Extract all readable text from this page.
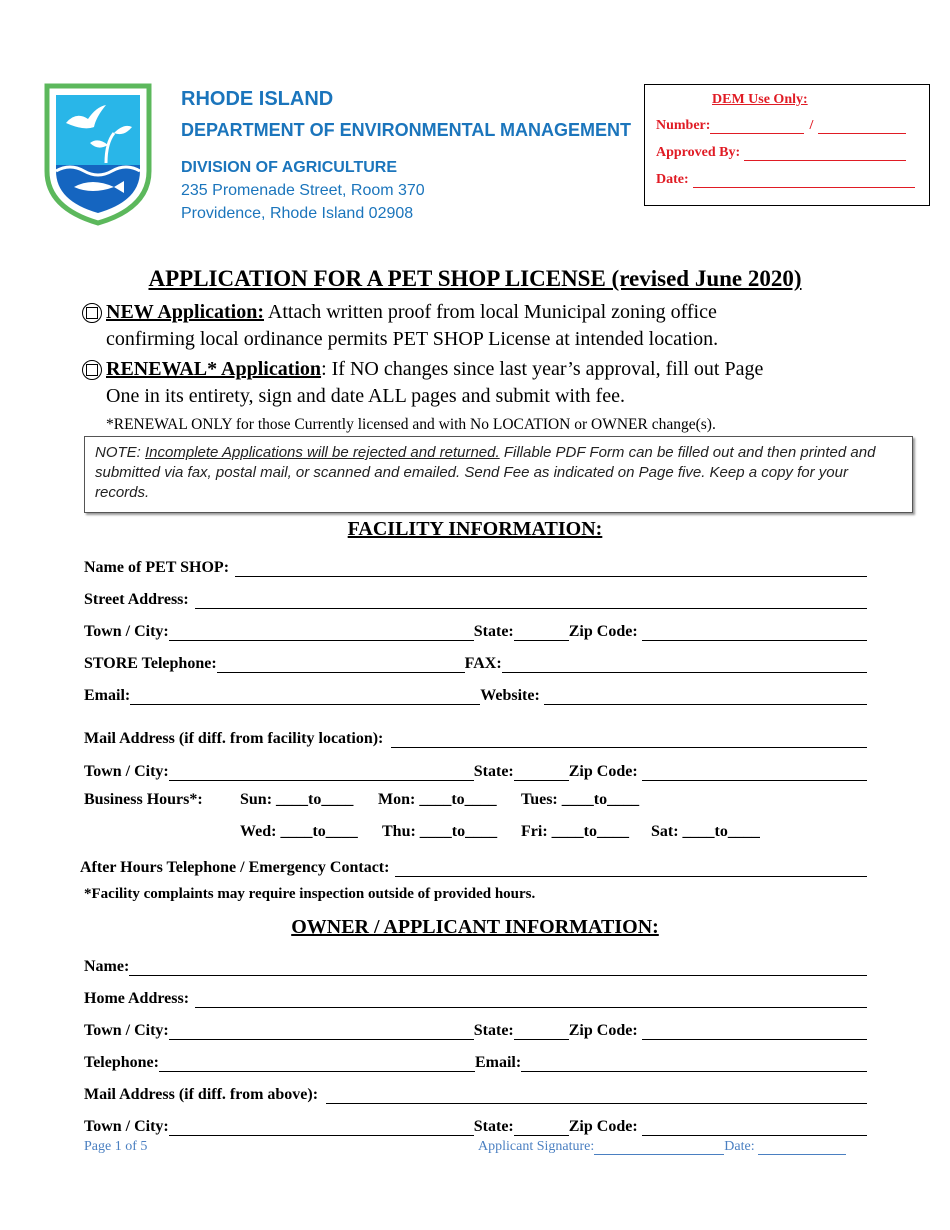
RHODE ISLAND
DEPARTMENT OF ENVIRONMENTAL MANAGEMENT
DIVISION OF AGRICULTURE
235 Promenade Street, Room 370
Providence, Rhode Island 02908
DEM Use Only:
Number:	/
Approved By:
Date:
APPLICATION FOR A PET SHOP LICENSE (revised June 2020)
NEW Application: Attach written proof from local Municipal zoning office
confirming local ordinance permits PET SHOP License at intended location.
RENEWAL* Application: If NO changes since last year’s approval, fill out Page
One in its entirety, sign and date ALL pages and submit with fee.
*RENEWAL ONLY for those Currently licensed and with No LOCATION or OWNER change(s).
NOTE: Incomplete Applications will be rejected and returned. Fillable PDF Form can be filled out and then printed and submitted via fax, postal mail, or scanned and emailed. Send Fee as indicated on Page five. Keep a copy for your records.
FACILITY INFORMATION:
Name of PET SHOP:
Street Address:
Town / City:	State:	Zip Code:
STORE Telephone:	FAX:
Email:	Website:
Mail Address (if diff. from facility location):
Town / City:	State:	Zip Code:
Business Hours*: Sun: ____to____ Mon: ____to____ Tues: ____to____
Wed: ____to____ Thu: ____to____ Fri: ____to____ Sat: ____to____
After Hours Telephone / Emergency Contact:
*Facility complaints may require inspection outside of provided hours.
OWNER / APPLICANT INFORMATION:
Name:
Home Address:
Town / City:	State:	Zip Code:
Telephone:	Email:
Mail Address (if diff. from above):
Town / City:	State:	Zip Code:
Page 1 of 5	Applicant Signature:	Date:
